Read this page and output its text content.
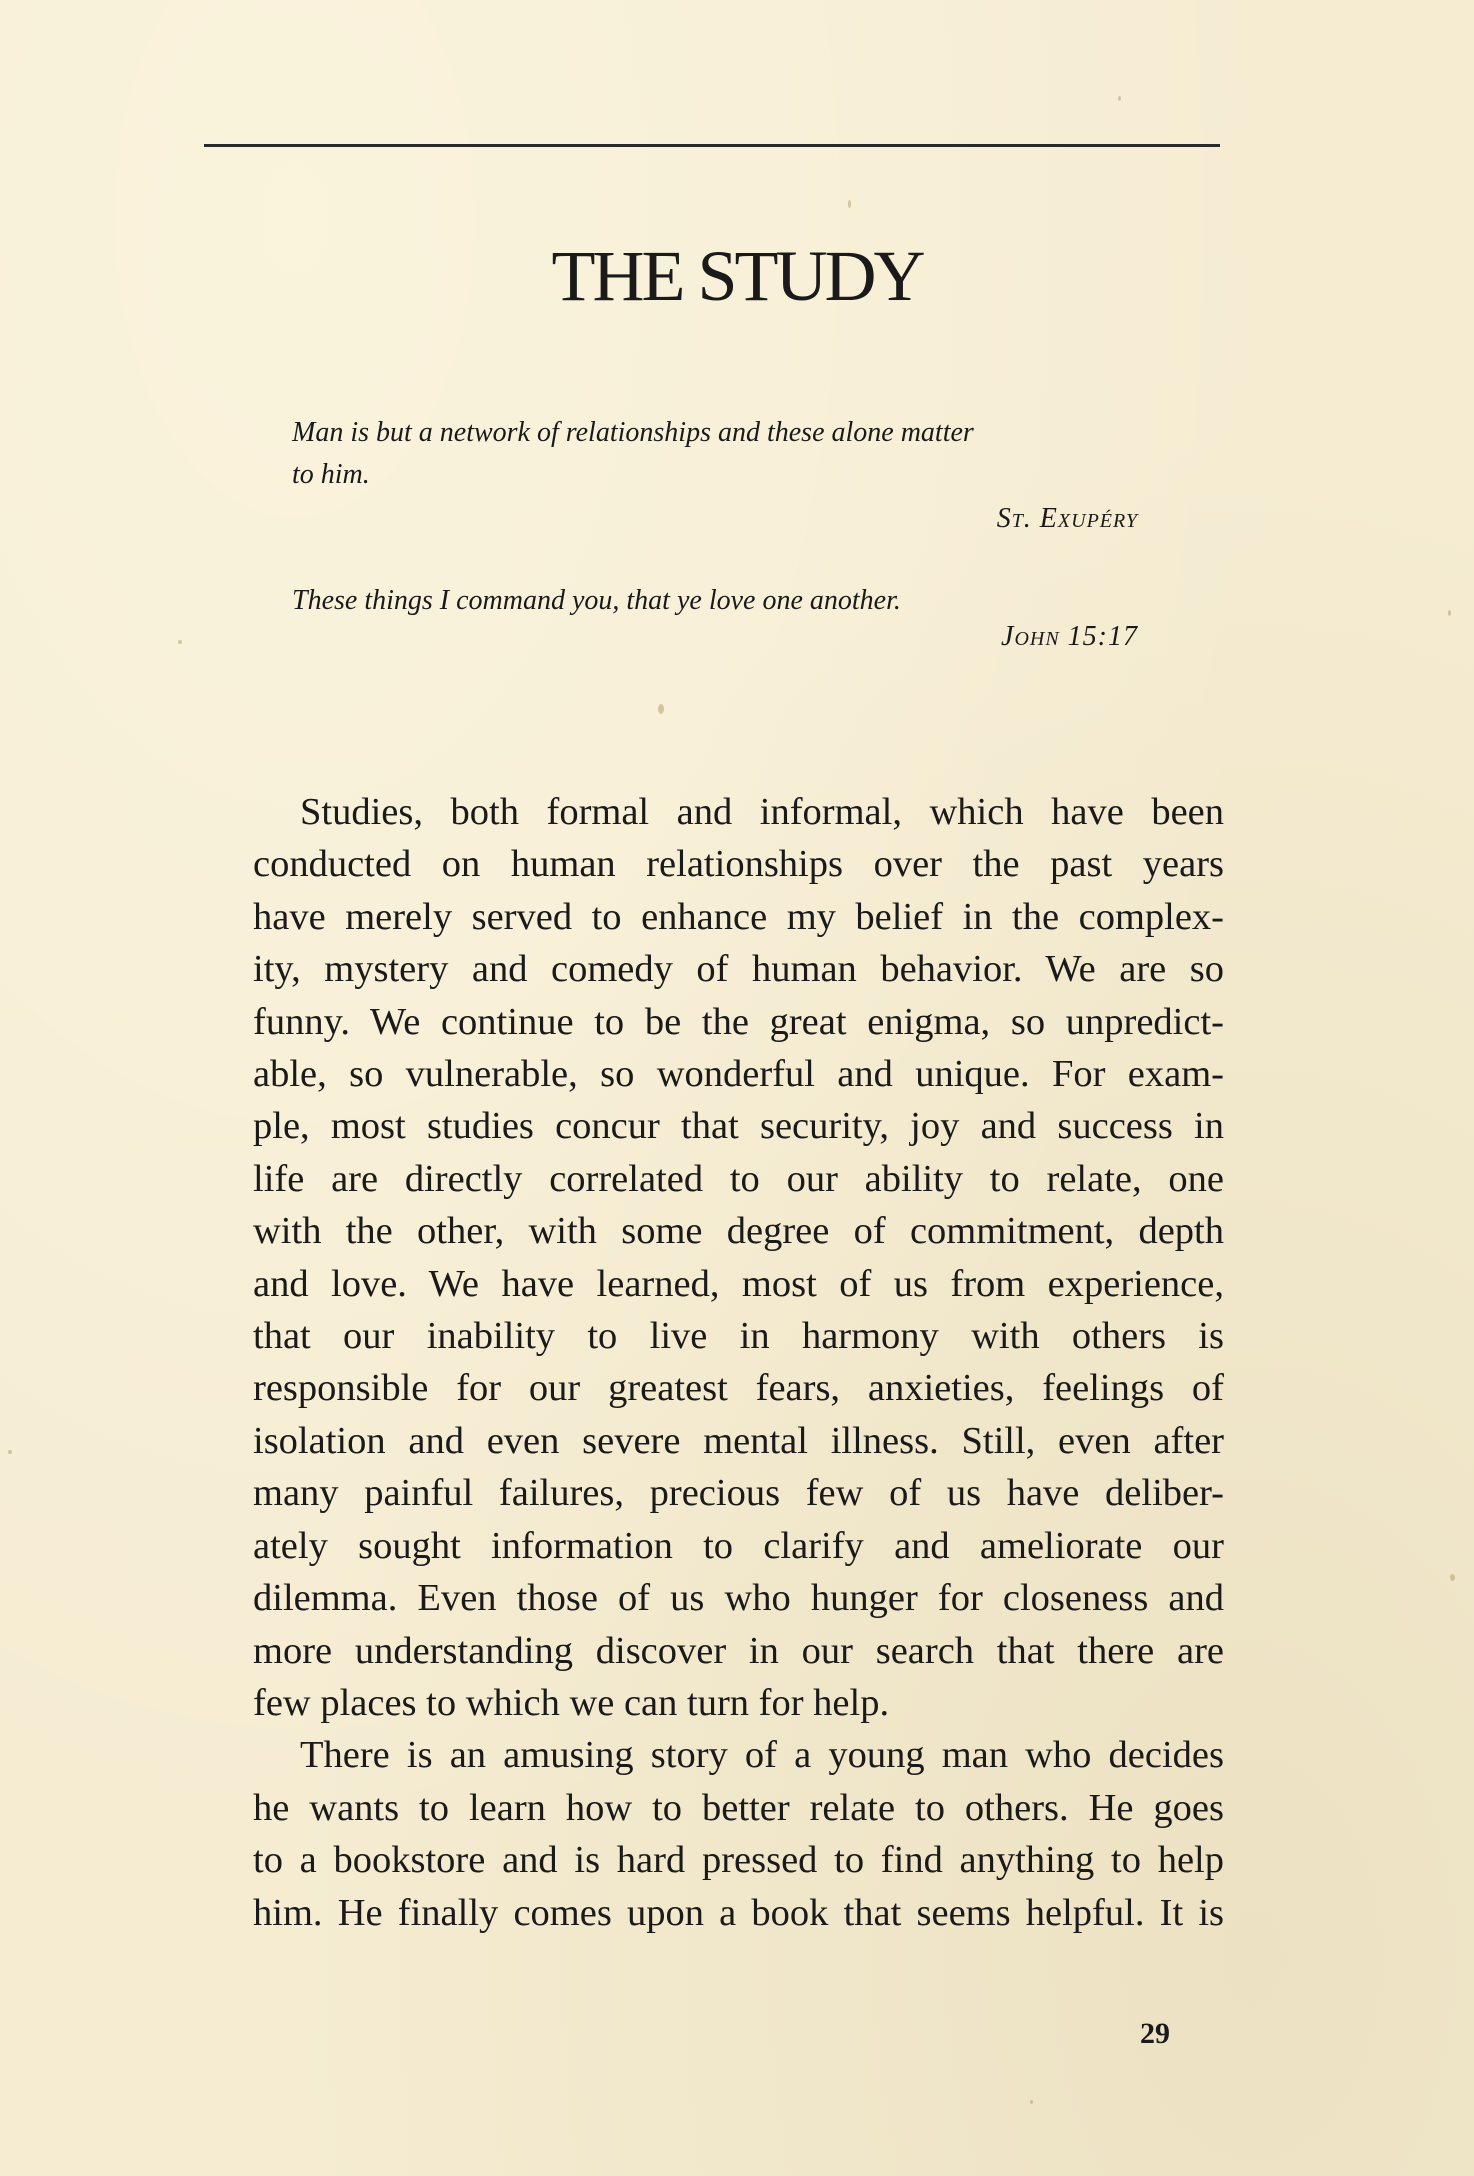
THE STUDY

Man is but a network of relationships and these alone matter
to him.

St. Exupéry

These things I command you, that ye love one another.

John 15:17

Studies, both formal and informal, which have been
conducted on human relationships over the past years
have merely served to enhance my belief in the complex-
ity, mystery and comedy of human behavior. We are so
funny. We continue to be the great enigma, so unpredict-
able, so vulnerable, so wonderful and unique. For exam-
ple, most studies concur that security, joy and success in
life are directly correlated to our ability to relate, one
with the other, with some degree of commitment, depth
and love. We have learned, most of us from experience,
that our inability to live in harmony with others is
responsible for our greatest fears, anxieties, feelings of
isolation and even severe mental illness. Still, even after
many painful failures, precious few of us have deliber-
ately sought information to clarify and ameliorate our
dilemma. Even those of us who hunger for closeness and
more understanding discover in our search that there are
few places to which we can turn for help.
There is an amusing story of a young man who decides
he wants to learn how to better relate to others. He goes
to a bookstore and is hard pressed to find anything to help
him. He finally comes upon a book that seems helpful. It is
29
